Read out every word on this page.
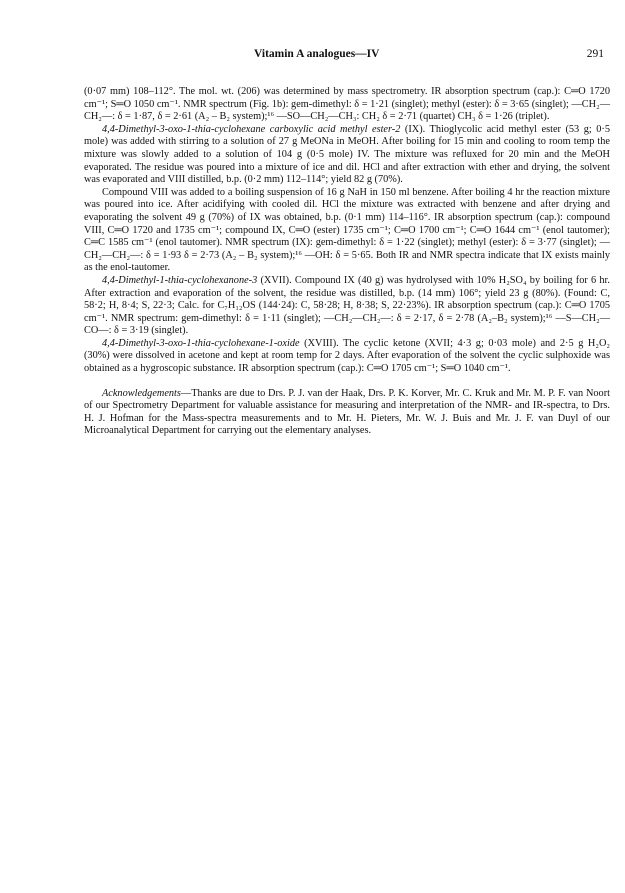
Vitamin A analogues—IV	291

(0·07 mm) 108–112°. The mol. wt. (206) was determined by mass spectrometry. IR absorption spectrum (cap.): C═O 1720 cm⁻¹; S═O 1050 cm⁻¹. NMR spectrum (Fig. 1b): gem-dimethyl: δ = 1·21 (singlet); methyl (ester): δ = 3·65 (singlet); —CH₂—CH₂—: δ = 1·87, δ = 2·61 (A₂ – B₂ system);¹⁶ —SO—CH₂—CH₃: CH₂ δ = 2·71 (quartet) CH₃ δ = 1·26 (triplet).

4,4-Dimethyl-3-oxo-1-thia-cyclohexane carboxylic acid methyl ester-2 (IX). Thioglycolic acid methyl ester (53 g; 0·5 mole) was added with stirring to a solution of 27 g MeONa in MeOH. After boiling for 15 min and cooling to room temp the mixture was slowly added to a solution of 104 g (0·5 mole) IV. The mixture was refluxed for 20 min and the MeOH evaporated. The residue was poured into a mixture of ice and dil. HCl and after extraction with ether and drying, the solvent was evaporated and VIII distilled, b.p. (0·2 mm) 112–114°; yield 82 g (70%).

Compound VIII was added to a boiling suspension of 16 g NaH in 150 ml benzene. After boiling 4 hr the reaction mixture was poured into ice. After acidifying with cooled dil. HCl the mixture was extracted with benzene and after drying and evaporating the solvent 49 g (70%) of IX was obtained, b.p. (0·1 mm) 114–116°. IR absorption spectrum (cap.): compound VIII, C═O 1720 and 1735 cm⁻¹; compound IX, C═O (ester) 1735 cm⁻¹; C═O 1700 cm⁻¹; C═O 1644 cm⁻¹ (enol tautomer); C═C 1585 cm⁻¹ (enol tautomer). NMR spectrum (IX): gem-dimethyl: δ = 1·22 (singlet); methyl (ester): δ = 3·77 (singlet); —CH₂—CH₂—: δ = 1·93 δ = 2·73 (A₂ – B₂ system);¹⁶ —OH: δ = 5·65. Both IR and NMR spectra indicate that IX exists mainly as the enol-tautomer.

4,4-Dimethyl-1-thia-cyclohexanone-3 (XVII). Compound IX (40 g) was hydrolysed with 10% H₂SO₄ by boiling for 6 hr. After extraction and evaporation of the solvent, the residue was distilled, b.p. (14 mm) 106°; yield 23 g (80%). (Found: C, 58·2; H, 8·4; S, 22·3; Calc. for C₇H₁₂OS (144·24): C, 58·28; H, 8·38; S, 22·23%). IR absorption spectrum (cap.): C═O 1705 cm⁻¹. NMR spectrum: gem-dimethyl: δ = 1·11 (singlet); —CH₂—CH₂—: δ = 2·17, δ = 2·78 (A₂–B₂ system);¹⁶ —S—CH₂—CO—: δ = 3·19 (singlet).

4,4-Dimethyl-3-oxo-1-thia-cyclohexane-1-oxide (XVIII). The cyclic ketone (XVII; 4·3 g; 0·03 mole) and 2·5 g H₂O₂ (30%) were dissolved in acetone and kept at room temp for 2 days. After evaporation of the solvent the cyclic sulphoxide was obtained as a hygroscopic substance. IR absorption spectrum (cap.): C═O 1705 cm⁻¹; S═O 1040 cm⁻¹.

Acknowledgements—Thanks are due to Drs. P. J. van der Haak, Drs. P. K. Korver, Mr. C. Kruk and Mr. M. P. F. van Noort of our Spectrometry Department for valuable assistance for measuring and interpretation of the NMR- and IR-spectra, to Drs. H. J. Hofman for the Mass-spectra measurements and to Mr. H. Pieters, Mr. W. J. Buis and Mr. J. F. van Duyl of our Microanalytical Department for carrying out the elementary analyses.
